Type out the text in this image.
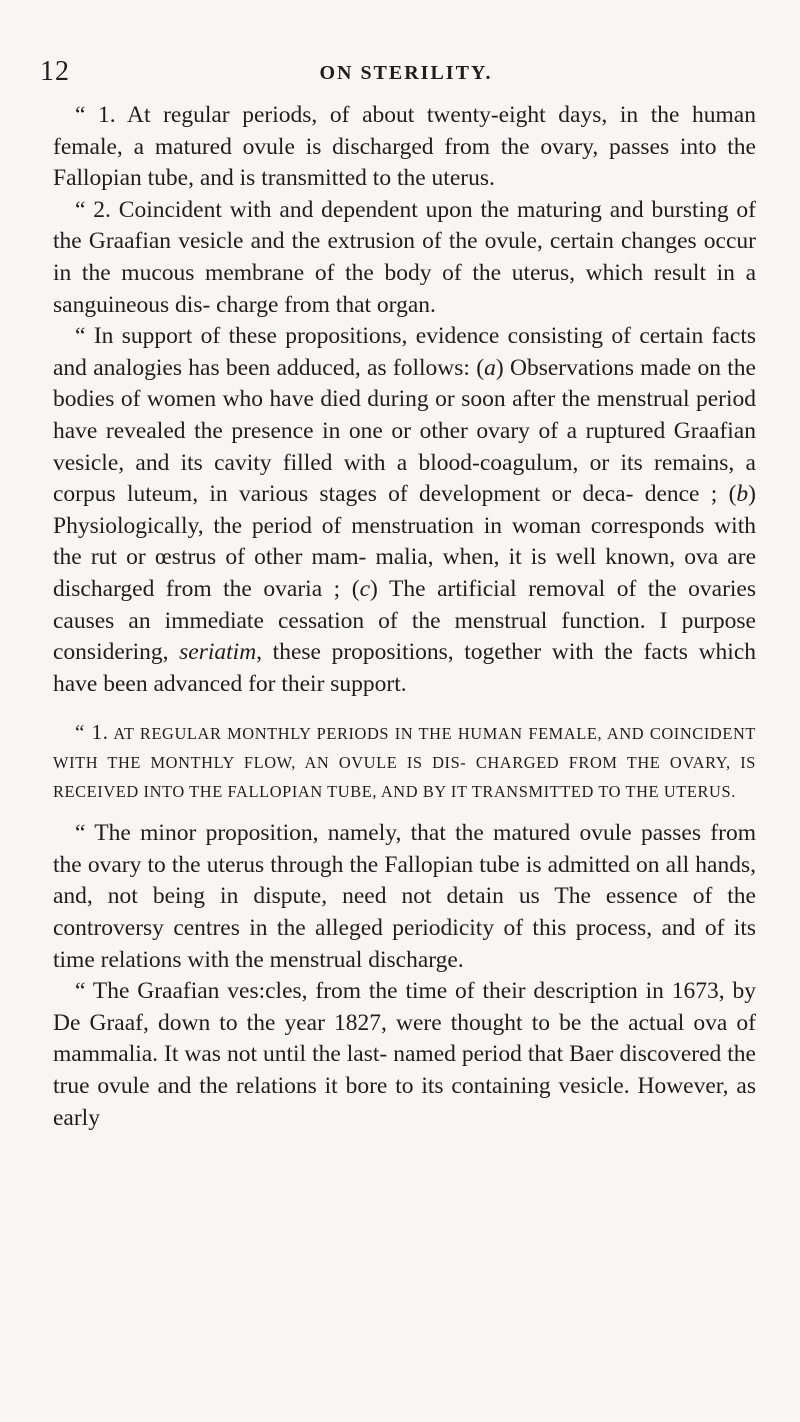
12	ON STERILITY.

“ 1. At regular periods, of about twenty-eight days, in the human female, a matured ovule is discharged from the ovary, passes into the Fallopian tube, and is transmitted to the uterus.

“ 2. Coincident with and dependent upon the maturing and bursting of the Graafian vesicle and the extrusion of the ovule, certain changes occur in the mucous membrane of the body of the uterus, which result in a sanguineous dis- charge from that organ.

“ In support of these propositions, evidence consisting of certain facts and analogies has been adduced, as follows: (a) Observations made on the bodies of women who have died during or soon after the menstrual period have revealed the presence in one or other ovary of a ruptured Graafian vesicle, and its cavity filled with a blood-coagulum, or its remains, a corpus luteum, in various stages of development or deca- dence ; (b) Physiologically, the period of menstruation in woman corresponds with the rut or œstrus of other mam- malia, when, it is well known, ova are discharged from the ovaria ; (c) The artificial removal of the ovaries causes an immediate cessation of the menstrual function. I purpose considering, seriatim, these propositions, together with the facts which have been advanced for their support.

“ 1. AT REGULAR MONTHLY PERIODS IN THE HUMAN FEMALE, AND COINCIDENT WITH THE MONTHLY FLOW, AN OVULE IS DIS- CHARGED FROM THE OVARY, IS RECEIVED INTO THE FALLOPIAN TUBE, AND BY IT TRANSMITTED TO THE UTERUS.

“ The minor proposition, namely, that the matured ovule passes from the ovary to the uterus through the Fallopian tube is admitted on all hands, and, not being in dispute, need not detain us The essence of the controversy centres in the alleged periodicity of this process, and of its time relations with the menstrual discharge.

“ The Graafian ves:cles, from the time of their description in 1673, by De Graaf, down to the year 1827, were thought to be the actual ova of mammalia. It was not until the last- named period that Baer discovered the true ovule and the relations it bore to its containing vesicle. However, as early
